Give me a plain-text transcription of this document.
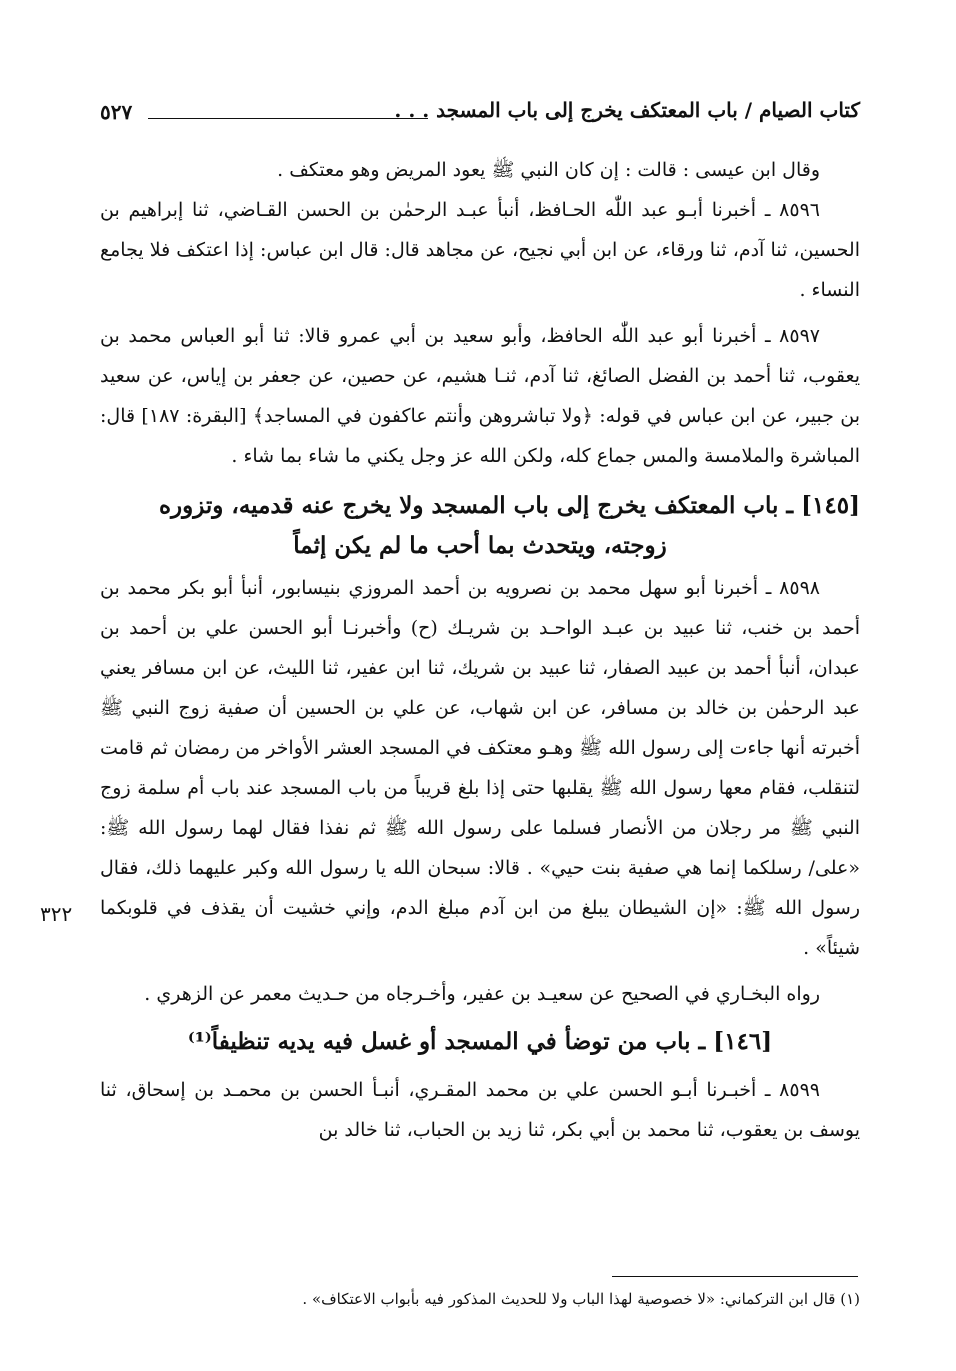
كتاب الصيام / باب المعتكف يخرج إلى باب المسجد . . .
٥٢٧

وقال ابن عيسى : قالت : إن كان النبي ﷺ يعود المريض وهو معتكف .

٨٥٩٦ ـ أخبرنا أبـو عبد اللّٰه الحـافظ، أنبأ عبـد الرحمٰن بن الحسن القـاضي، ثنا إبراهيم بن الحسين، ثنا آدم، ثنا ورقاء، عن ابن أبي نجيح، عن مجاهد قال: قال ابن عباس: إذا اعتكف فلا يجامع النساء .

٨٥٩٧ ـ أخبرنا أبو عبد اللّٰه الحافظ، وأبو سعيد بن أبي عمرو قالا: ثنا أبو العباس محمد بن يعقوب، ثنا أحمد بن الفضل الصائغ، ثنا آدم، ثنـا هشيم، عن حصين، عن جعفر بن إياس، عن سعيد بن جبير، عن ابن عباس في قوله: ﴿ولا تباشروهن وأنتم عاكفون في المساجد﴾ [البقرة: ١٨٧] قال: المباشرة والملامسة والمس جماع كله، ولكن الله عز وجل يكني ما شاء بما شاء .

[١٤٥] ـ باب المعتكف يخرج إلى باب المسجد ولا يخرج عنه قدميه، وتزوره زوجته، ويتحدث بما أحب ما لم يكن إثماً

٨٥٩٨ ـ أخبرنا أبو سهل محمد بن نصرويه بن أحمد المروزي بنيسابور، أنبأ أبو بكر محمد بن أحمد بن خنب، ثنا عبيد بن عبـد الواحـد بن شريـك (ح) وأخبرنـا أبو الحسن علي بن أحمد بن عبدان، أنبأ أحمد بن عبيد الصفار، ثنا عبيد بن شريك، ثنا ابن عفير، ثنا الليث، عن ابن مسافر يعني عبد الرحمٰن بن خالد بن مسافر، عن ابن شهاب، عن علي بن الحسين أن صفية زوج النبي ﷺ أخبرته أنها جاءت إلى رسول الله ﷺ وهـو معتكف في المسجد العشر الأواخر من رمضان ثم قامت لتنقلب، فقام معها رسول الله ﷺ يقلبها حتى إذا بلغ قريباً من باب المسجد عند باب أم سلمة زوج النبي ﷺ مر رجلان من الأنصار فسلما على رسول الله ﷺ ثم نفذا فقال لهما رسول الله ﷺ: «على/ رسلكما إنما هي صفية بنت حيي» . قالا: سبحان الله يا رسول الله وكبر عليهما ذلك، فقال رسول الله ﷺ: «إن الشيطان يبلغ من ابن آدم مبلغ الدم، وإني خشيت أن يقذف في قلوبكما شيئاً» .

رواه البخـاري في الصحيح عن سعيـد بن عفير، وأخـرجاه من حـديث معمر عن الزهري .

[١٤٦] ـ باب من توضأ في المسجد أو غسل فيه يديه تنظيفاً⁽¹⁾

٨٥٩٩ ـ أخبـرنا أبـو الحسن علي بن محمد المقـري، أنبـأ الحسن بن محمـد بن إسحاق، ثنا يوسف بن يعقوب، ثنا محمد بن أبي بكر، ثنا زيد بن الحباب، ثنا خالد بن

٣٢٢
(١) قال ابن التركماني: «لا خصوصية لهذا الباب ولا للحديث المذكور فيه بأبواب الاعتكاف» .
